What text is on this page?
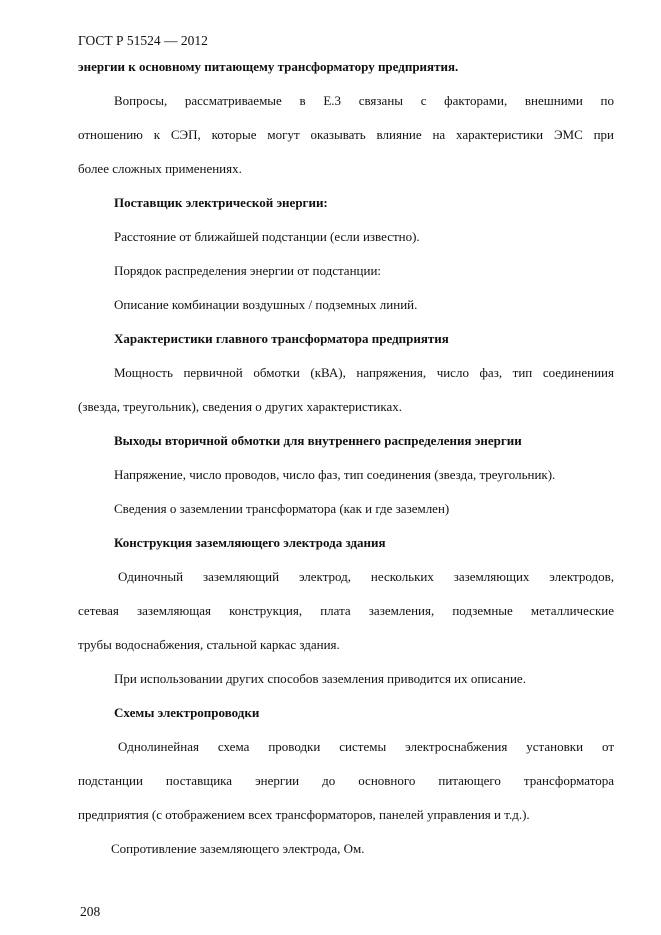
ГОСТ Р 51524 — 2012
энергии к основному питающему трансформатору предприятия.
Вопросы, рассматриваемые в Е.3 связаны с факторами, внешними по
отношению к СЭП, которые могут оказывать влияние на характеристики ЭМС при
более сложных применениях.
Поставщик электрической энергии:
Расстояние от ближайшей подстанции (если известно).
Порядок распределения энергии от подстанции:
Описание комбинации воздушных / подземных линий.
Характеристики главного трансформатора предприятия
Мощность первичной обмотки (кВА), напряжения, число фаз, тип соединениия
(звезда, треугольник), сведения о других характеристиках.
Выходы вторичной обмотки для внутреннего распределения энергии
Напряжение, число проводов, число фаз, тип соединения (звезда, треугольник).
Сведения о заземлении трансформатора (как и где заземлен)
Конструкция заземляющего электрода здания
Одиночный заземляющий электрод, нескольких заземляющих электродов,
сетевая заземляющая конструкция, плата заземления, подземные металлические
трубы водоснабжения, стальной каркас здания.
При использовании других способов заземления приводится их описание.
Схемы электропроводки
Однолинейная схема проводки системы электроснабжения установки от
подстанции поставщика энергии до основного питающего трансформатора
предприятия (с отображением всех трансформаторов, панелей управления и т.д.).
Сопротивление заземляющего электрода, Ом.
208
